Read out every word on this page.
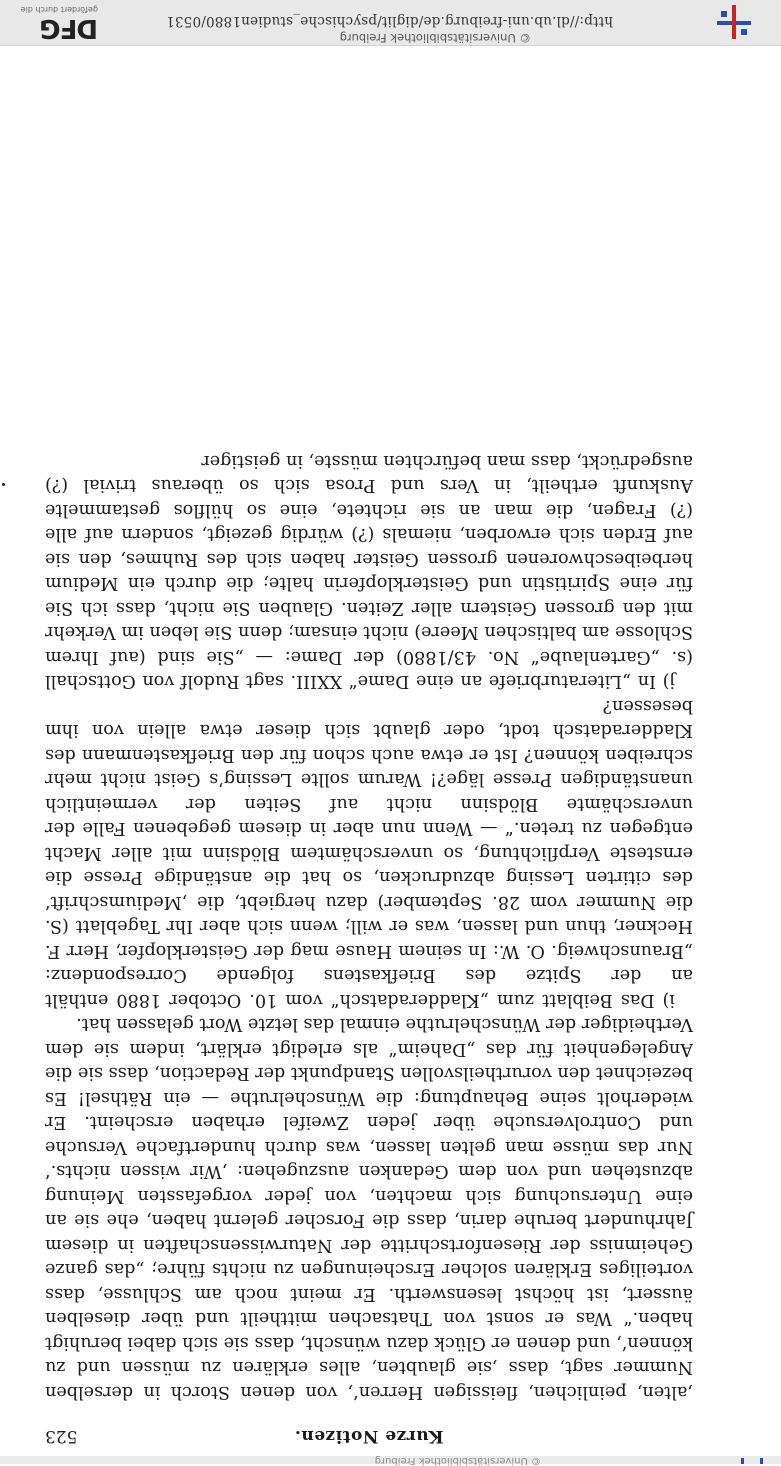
© Universitätsbibliothek Freiburg
Kurze Notizen.
523

‚alten, peinlichen, fleissigen Herren‘, von denen Storch in derselben Nummer sagt, dass ‚sie glaubten, alles erklären zu müssen und zu können‘, und denen er Glück dazu wünscht, dass sie sich dabei beruhigt haben.“ Was er sonst von Thatsachen mittheilt und über dieselben äussert, ist höchst lesenswerth. Er meint noch am Schlusse, dass vorteiliges Erklären solcher Erscheinungen zu nichts führe; „das ganze Geheimniss der Riesenfortschritte der Naturwissenschaften in diesem Jahrhundert beruhe darin, dass die Forscher gelernt haben, ehe sie an eine Untersuchung sich machten, von jeder vorgefassten Meinung abzustehen und von dem Gedanken auszugehen: ‚Wir wissen nichts.‘ Nur das müsse man gelten lassen, was durch hundertfache Versuche und Controlversuche über jeden Zweifel erhaben erscheint. Er wiederholt seine Behauptung: die Wünschelruthe — ein Räthsel! Es bezeichnet den vorurtheilsvollen Standpunkt der Redaction, dass sie die Angelegenheit für das „Daheim“ als erledigt erklärt, indem sie dem Vertheidiger der Wünschelruthe einmal das letzte Wort gelassen hat.

i) Das Beiblatt zum „Kladderadatsch“ vom 10. October 1880 enthält an der Spitze des Briefkastens folgende Correspondenz: „Braunschweig. O. W.: In seinem Hause mag der Geisterklopfer, Herr F. Heckner, thun und lassen, was er will; wenn sich aber Ihr Tageblatt (S. die Nummer vom 28. September) dazu hergiebt, die ‚Mediumschrift‘ des citirten Lessing abzudrucken, so hat die anständige Presse die ernsteste Verpflichtung, so unverschämtem Blödsinn mit aller Macht entgegen zu treten.“ — Wenn nun aber in diesem gegebenen Falle der unverschämte Blödsinn nicht auf Seiten der vermeintlich unanständigen Presse läge?! Warum sollte Lessing’s Geist nicht mehr schreiben können? Ist er etwa auch schon für den Briefkastenmann des Kladderadatsch todt, oder glaubt sich dieser etwa allein von ihm besessen?

j) In „Literaturbriefe an eine Dame“ XXIII. sagt Rudolf von Gottschall (s. „Gartenlaube“ No. 43/1880) der Dame: — „Sie sind (auf Ihrem Schlosse am baltischen Meere) nicht einsam; denn Sie leben im Verkehr mit den grossen Geistern aller Zeiten. Glauben Sie nicht, dass ich Sie für eine Spiritistin und Geisterklopferin halte; die durch ein Medium herbeibeschworenen grossen Geister haben sich des Ruhmes, den sie auf Erden sich erworben, niemals (?) würdig gezeigt, sondern auf alle (?) Fragen, die man an sie richtete, eine so hülflos gestammelte Auskunft ertheilt, in Vers und Prosa sich so überaus trivial (?) ausgedrückt, dass man befürchten müsste, in geistiger

© Universitätsbibliothek Freiburg
http://dl.ub.uni-freiburg.de/diglit/psychische_studien1880/0531
DFG
gefördert durch die
